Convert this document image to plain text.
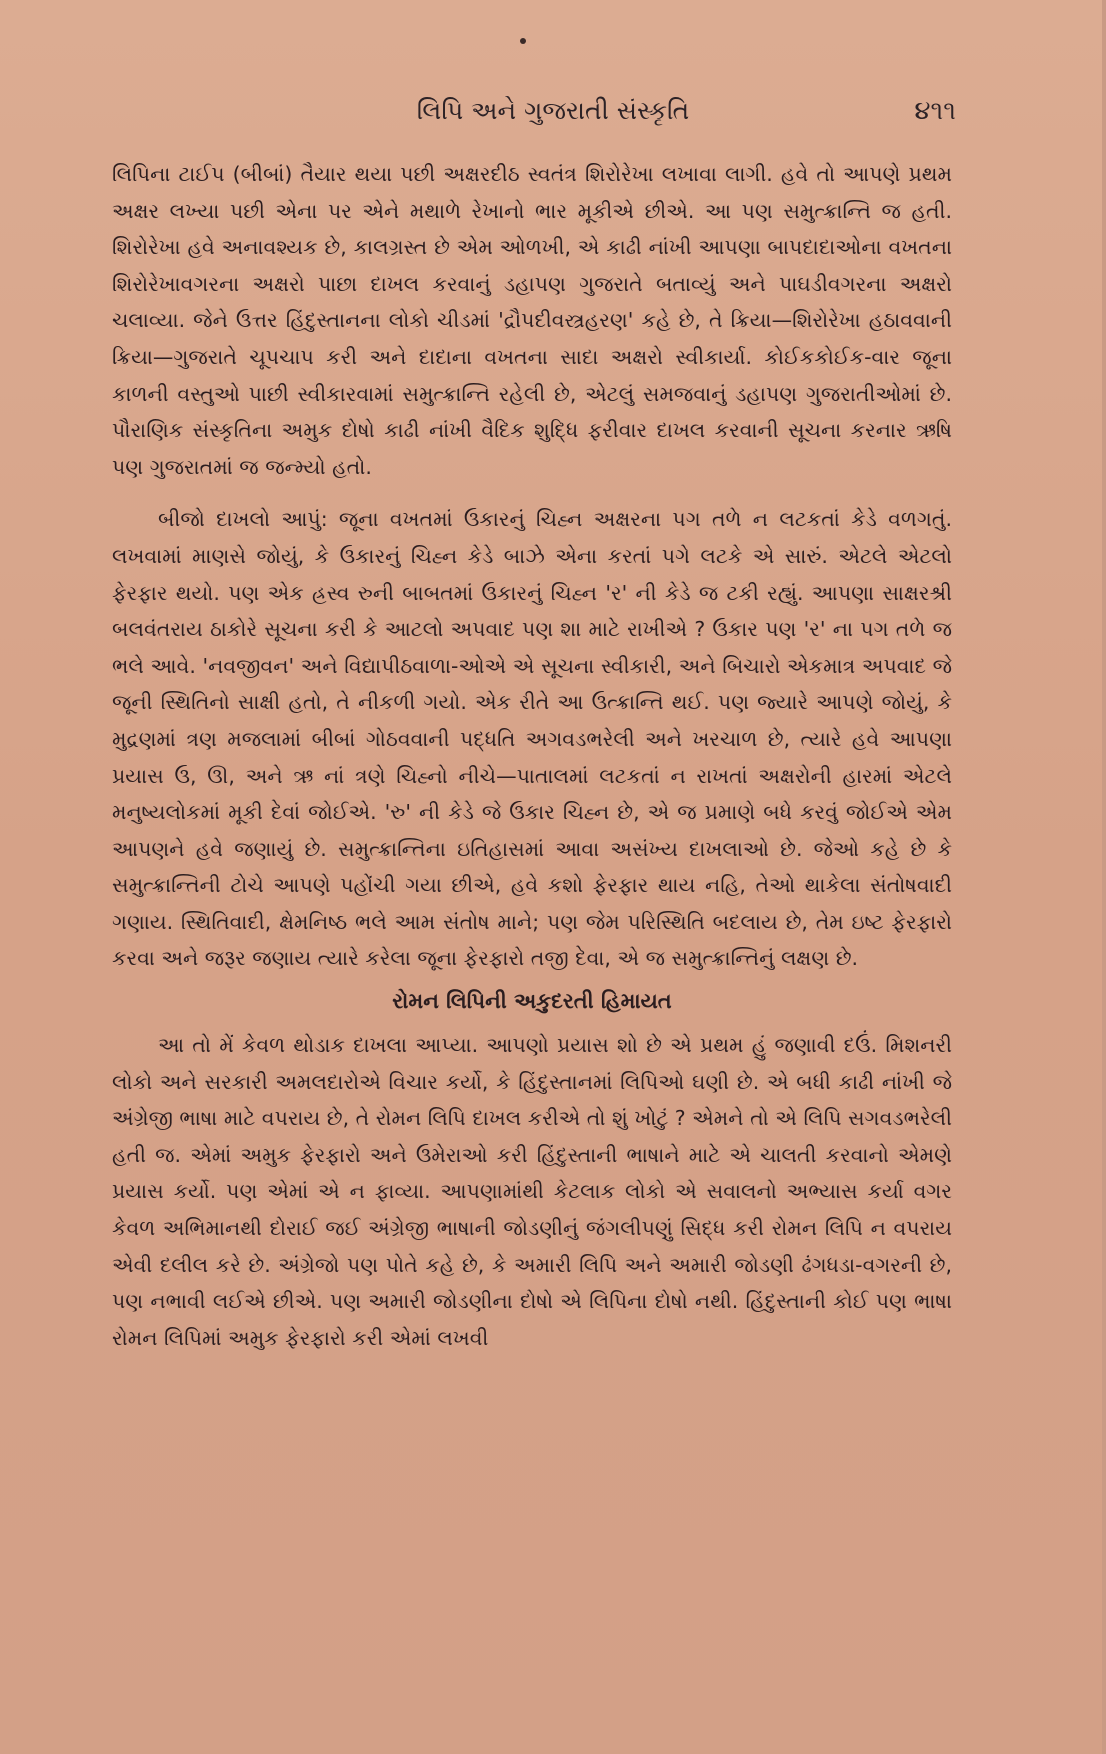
લિપિ અને ગુજરાતી સંસ્કૃતિ	૪૧૧

લિપિના ટાઈપ (બીબાં) તૈયાર થયા પછી અક્ષરદીઠ સ્વતંત્ર શિરોરેખા લખાવા લાગી. હવે તો આપણે પ્રથમ અક્ષર લખ્યા પછી એના પર એને મથાળે રેખાનો ભાર મૂકીએ છીએ. આ પણ સમુત્ક્રાન્તિ જ હતી. શિરોરેખા હવે અનાવશ્યક છે, કાલગ્રસ્ત છે એમ ઓળખી, એ કાઢી નાંખી આપણા બાપદાદાઓના વખતના શિરોરેખાવગરના અક્ષરો પાછા દાખલ કરવાનું ડહાપણ ગુજરાતે બતાવ્યું અને પાઘડીવગરના અક્ષરો ચલાવ્યા. જેને ઉત્તર હિંદુસ્તાનના લોકો ચીડમાં 'દ્રૌપદીવસ્ત્રહરણ' કહે છે, તે ક્રિયા—શિરોરેખા હઠાવવાની ક્રિયા—ગુજરાતે ચૂપચાપ કરી અને દાદાના વખતના સાદા અક્ષરો સ્વીકાર્યા. કોઈકકોઈક-વાર જૂના કાળની વસ્તુઓ પાછી સ્વીકારવામાં સમુત્ક્રાન્તિ રહેલી છે, એટલું સમજવાનું ડહાપણ ગુજરાતીઓમાં છે. પૌરાણિક સંસ્કૃતિના અમુક દોષો કાઢી નાંખી વૈદિક શુદ્ધિ ફરીવાર દાખલ કરવાની સૂચના કરનાર ઋષિ પણ ગુજરાતમાં જ જન્મ્યો હતો.

બીજો દાખલો આપું: જૂના વખતમાં ઉકારનું ચિહ્ન અક્ષરના પગ તળે ન લટકતાં કેડે વળગતું. લખવામાં માણસે જોયું, કે ઉકારનું ચિહ્ન કેડે બાઝે એના કરતાં પગે લટકે એ સારું. એટલે એટલો ફેરફાર થયો. પણ એક હ્રસ્વ રુની બાબતમાં ઉકારનું ચિહ્ન 'ર' ની કેડે જ ટકી રહ્યું. આપણા સાક્ષરશ્રી બલવંતરાય ઠાકોરે સૂચના કરી કે આટલો અપવાદ પણ શા માટે રાખીએ ? ઉકાર પણ 'ર' ના પગ તળે જ ભલે આવે. 'નવજીવન' અને વિદ્યાપીઠવાળા-ઓએ એ સૂચના સ્વીકારી, અને બિચારો એકમાત્ર અપવાદ જે જૂની સ્થિતિનો સાક્ષી હતો, તે નીકળી ગયો. એક રીતે આ ઉત્ક્રાન્તિ થઈ. પણ જ્યારે આપણે જોયું, કે મુદ્રણમાં ત્રણ મજલામાં બીબાં ગોઠવવાની પદ્ધતિ અગવડભરેલી અને ખરચાળ છે, ત્યારે હવે આપણા પ્રયાસ ઉ, ઊ, અને ઋ નાં ત્રણે ચિહ્નો નીચે—પાતાલમાં લટકતાં ન રાખતાં અક્ષરોની હારમાં એટલે મનુષ્યલોકમાં મૂકી દેવાં જોઈએ. 'રુ' ની કેડે જે ઉકાર ચિહ્ન છે, એ જ પ્રમાણે બધે કરવું જોઈએ એમ આપણને હવે જણાયું છે. સમુત્ક્રાન્તિના ઇતિહાસમાં આવા અસંખ્ય દાખલાઓ છે. જેઓ કહે છે કે સમુત્ક્રાન્તિની ટોચે આપણે પહોંચી ગયા છીએ, હવે કશો ફેરફાર થાય નહિ, તેઓ થાકેલા સંતોષવાદી ગણાય. સ્થિતિવાદી, ક્ષેમનિષ્ઠ ભલે આમ સંતોષ માને; પણ જેમ પરિસ્થિતિ બદલાય છે, તેમ ઇષ્ટ ફેરફારો કરવા અને જરૂર જણાય ત્યારે કરેલા જૂના ફેરફારો તજી દેવા, એ જ સમુત્ક્રાન્તિનું લક્ષણ છે.

રોમન લિપિની અકુદરતી હિમાયત

આ તો મેં કેવળ થોડાક દાખલા આપ્યા. આપણો પ્રયાસ શો છે એ પ્રથમ હું જણાવી દઉં. મિશનરી લોકો અને સરકારી અમલદારોએ વિચાર કર્યો, કે હિંદુસ્તાનમાં લિપિઓ ઘણી છે. એ બધી કાઢી નાંખી જે અંગ્રેજી ભાષા માટે વપરાય છે, તે રોમન લિપિ દાખલ કરીએ તો શું ખોટું ? એમને તો એ લિપિ સગવડભરેલી હતી જ. એમાં અમુક ફેરફારો અને ઉમેરાઓ કરી હિંદુસ્તાની ભાષાને માટે એ ચાલતી કરવાનો એમણે પ્રયાસ કર્યો. પણ એમાં એ ન ફાવ્યા. આપણામાંથી કેટલાક લોકો એ સવાલનો અભ્યાસ કર્યા વગર કેવળ અભિમાનથી દોરાઈ જઈ અંગ્રેજી ભાષાની જોડણીનું જંગલીપણું સિદ્ધ કરી રોમન લિપિ ન વપરાય એવી દલીલ કરે છે. અંગ્રેજો પણ પોતે કહે છે, કે અમારી લિપિ અને અમારી જોડણી ઢંગધડા-વગરની છે, પણ નભાવી લઈએ છીએ. પણ અમારી જોડણીના દોષો એ લિપિના દોષો નથી. હિંદુસ્તાની કોઈ પણ ભાષા રોમન લિપિમાં અમુક ફેરફારો કરી એમાં લખવી
